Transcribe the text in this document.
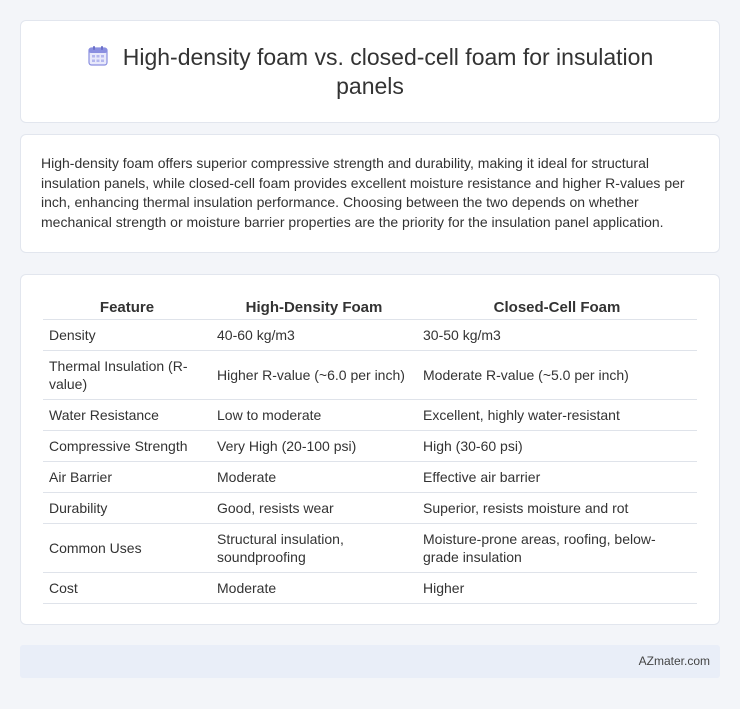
High-density foam vs. closed-cell foam for insulation panels

High-density foam offers superior compressive strength and durability, making it ideal for structural insulation panels, while closed-cell foam provides excellent moisture resistance and higher R-values per inch, enhancing thermal insulation performance. Choosing between the two depends on whether mechanical strength or moisture barrier properties are the priority for the insulation panel application.

Feature	High-Density Foam	Closed-Cell Foam
Density	40-60 kg/m3	30-50 kg/m3
Thermal Insulation (R-value)	Higher R-value (~6.0 per inch)	Moderate R-value (~5.0 per inch)
Water Resistance	Low to moderate	Excellent, highly water-resistant
Compressive Strength	Very High (20-100 psi)	High (30-60 psi)
Air Barrier	Moderate	Effective air barrier
Durability	Good, resists wear	Superior, resists moisture and rot
Common Uses	Structural insulation, soundproofing	Moisture-prone areas, roofing, below-grade insulation
Cost	Moderate	Higher
AZmater.com
